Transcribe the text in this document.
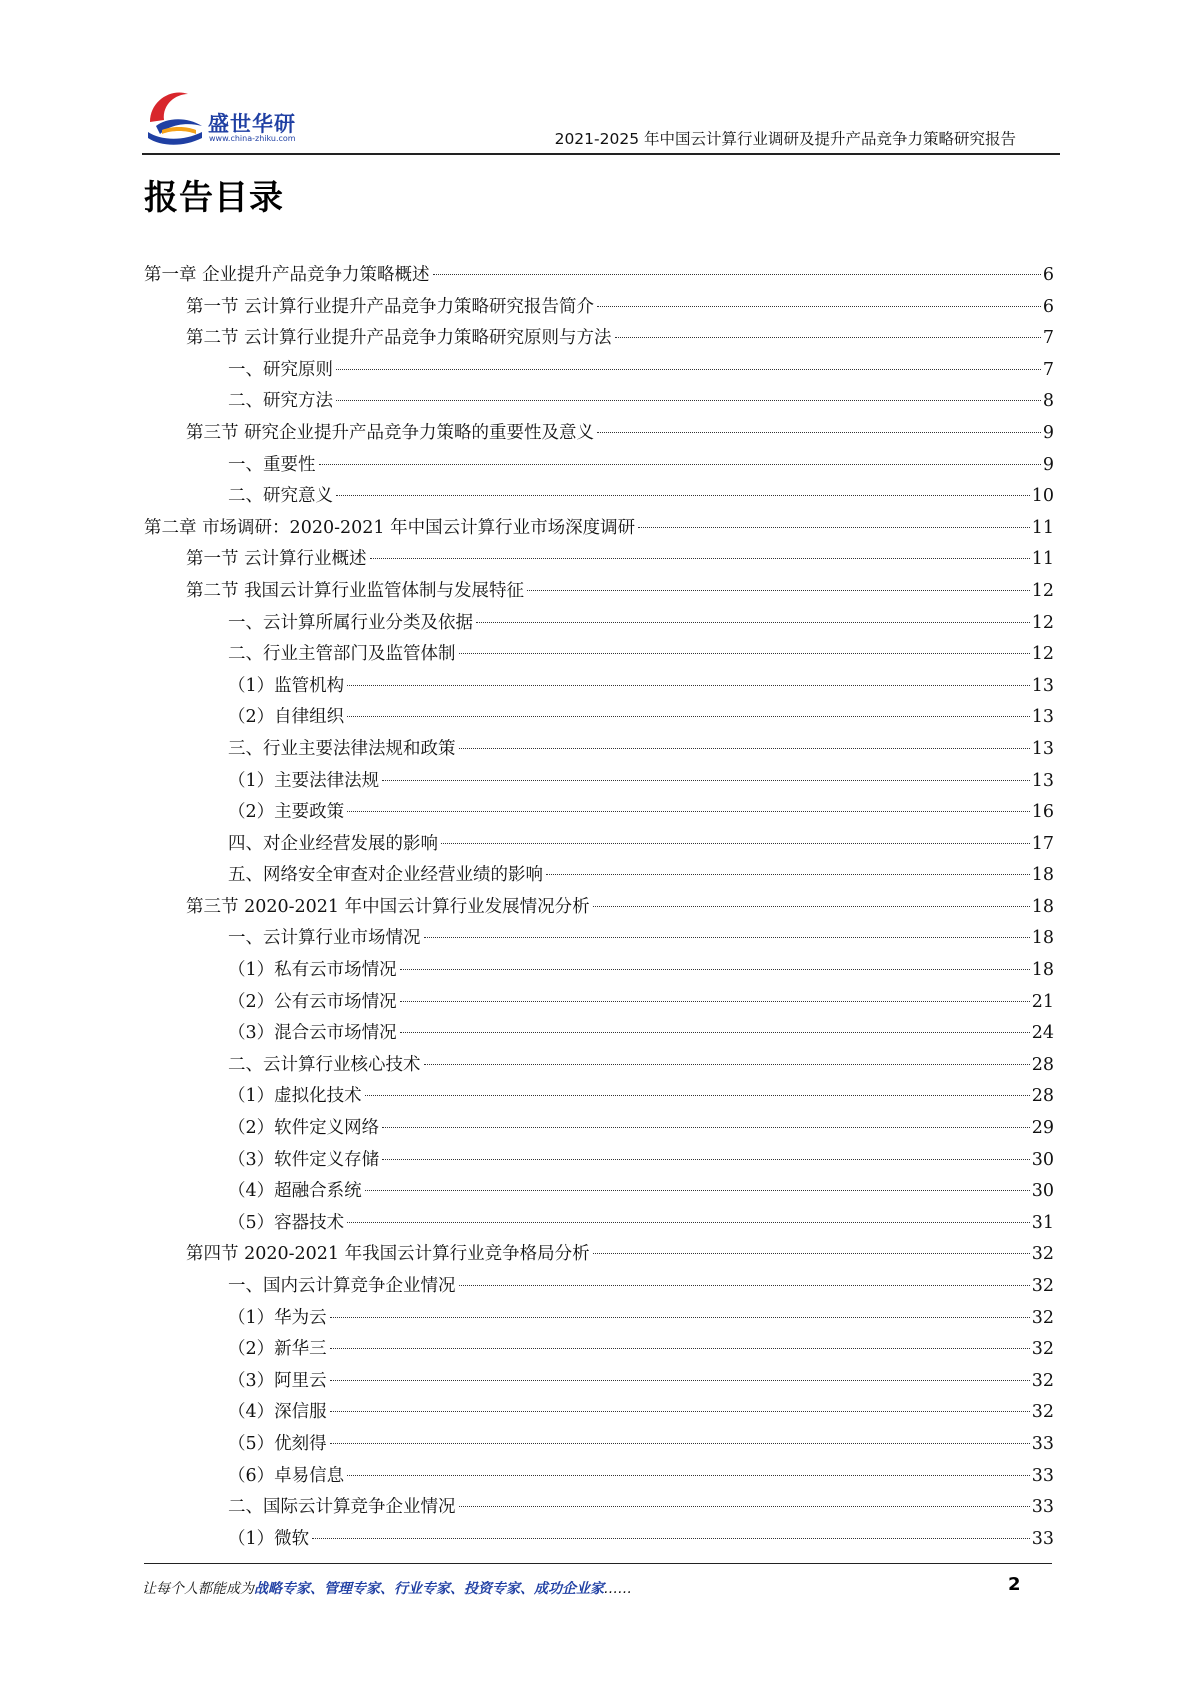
盛世华研
www.china-zhiku.com	2021-2025 年中国云计算行业调研及提升产品竞争力策略研究报告
报告目录
第一章 企业提升产品竞争力策略概述	6
第一节 云计算行业提升产品竞争力策略研究报告简介	6
第二节 云计算行业提升产品竞争力策略研究原则与方法	7
一、研究原则	7
二、研究方法	8
第三节 研究企业提升产品竞争力策略的重要性及意义	9
一、重要性	9
二、研究意义	10
第二章 市场调研：2020-2021 年中国云计算行业市场深度调研	11
第一节 云计算行业概述	11
第二节 我国云计算行业监管体制与发展特征	12
一、云计算所属行业分类及依据	12
二、行业主管部门及监管体制	12
（1）监管机构	13
（2）自律组织	13
三、行业主要法律法规和政策	13
（1）主要法律法规	13
（2）主要政策	16
四、对企业经营发展的影响	17
五、网络安全审查对企业经营业绩的影响	18
第三节 2020-2021 年中国云计算行业发展情况分析	18
一、云计算行业市场情况	18
（1）私有云市场情况	18
（2）公有云市场情况	21
（3）混合云市场情况	24
二、云计算行业核心技术	28
（1）虚拟化技术	28
（2）软件定义网络	29
（3）软件定义存储	30
（4）超融合系统	30
（5）容器技术	31
第四节 2020-2021 年我国云计算行业竞争格局分析	32
一、国内云计算竞争企业情况	32
（1）华为云	32
（2）新华三	32
（3）阿里云	32
（4）深信服	32
（5）优刻得	33
（6）卓易信息	33
二、国际云计算竞争企业情况	33
（1）微软	33
让每个人都能成为战略专家、管理专家、行业专家、投资专家、成功企业家……	2
